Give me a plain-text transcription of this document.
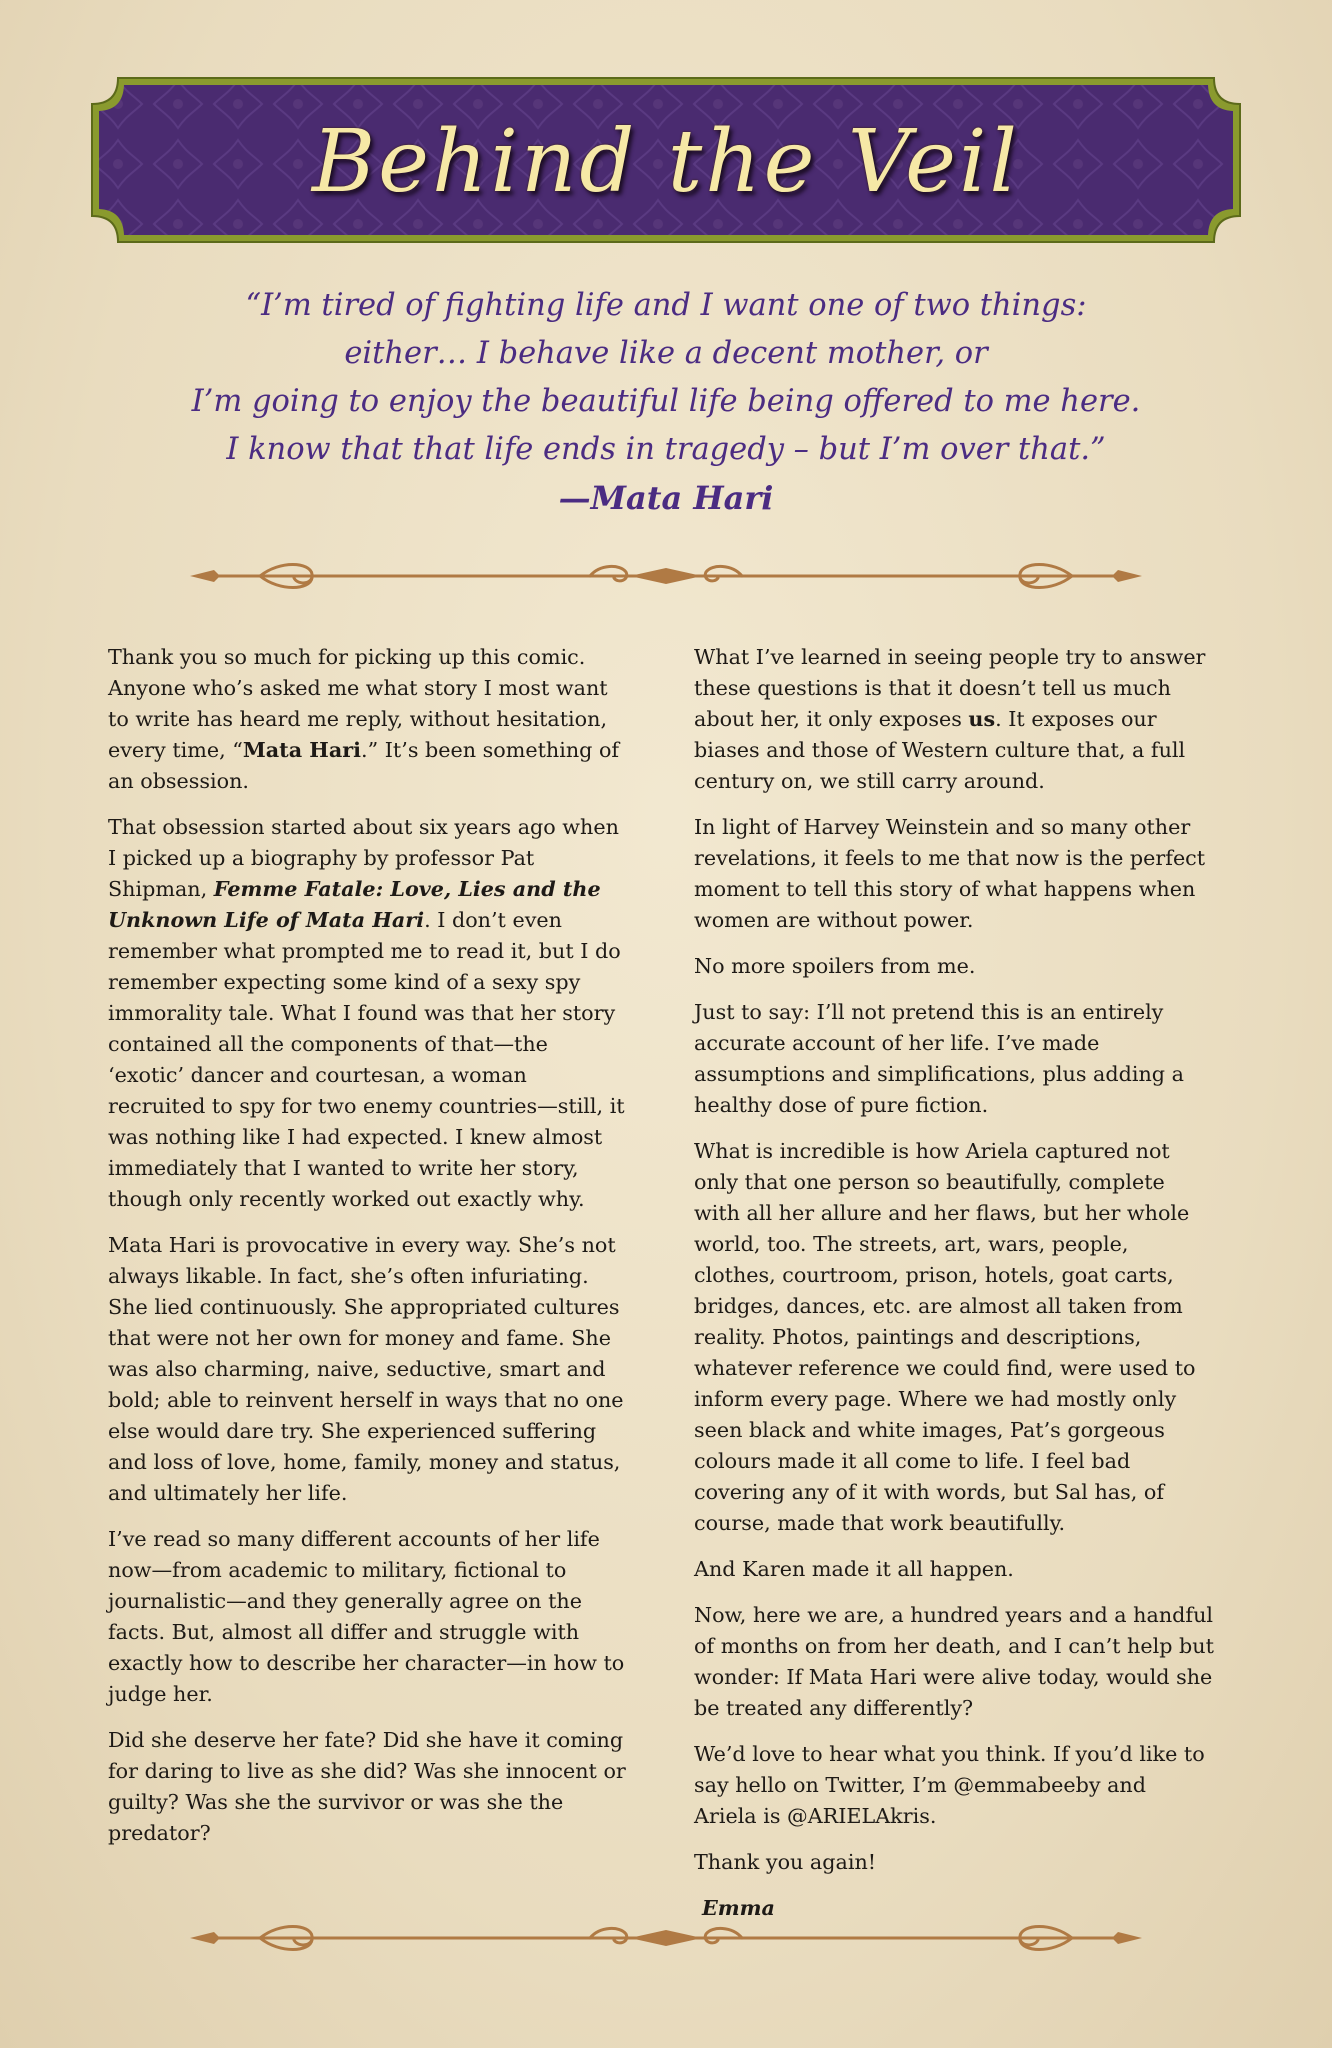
Behind the Veil
“I’m tired of fighting life and I want one of two things:
either… I behave like a decent mother, or
I’m going to enjoy the beautiful life being offered to me here.
I know that that life ends in tragedy – but I’m over that.”
—Mata Hari

Thank you so much for picking up this comic. Anyone who’s asked me what story I most want to write has heard me reply, without hesitation, every time, “Mata Hari.” It’s been something of an obsession.

That obsession started about six years ago when I picked up a biography by professor Pat Shipman, Femme Fatale: Love, Lies and the Unknown Life of Mata Hari. I don’t even remember what prompted me to read it, but I do remember expecting some kind of a sexy spy immorality tale. What I found was that her story contained all the components of that—the ‘exotic’ dancer and courtesan, a woman recruited to spy for two enemy countries—still, it was nothing like I had expected. I knew almost immediately that I wanted to write her story, though only recently worked out exactly why.

Mata Hari is provocative in every way. She’s not always likable. In fact, she’s often infuriating. She lied continuously. She appropriated cultures that were not her own for money and fame. She was also charming, naive, seductive, smart and bold; able to reinvent herself in ways that no one else would dare try. She experienced suffering and loss of love, home, family, money and status, and ultimately her life.

I’ve read so many different accounts of her life now—from academic to military, fictional to journalistic—and they generally agree on the facts. But, almost all differ and struggle with exactly how to describe her character—in how to judge her.

Did she deserve her fate? Did she have it coming for daring to live as she did? Was she innocent or guilty? Was she the survivor or was she the predator?

What I’ve learned in seeing people try to answer these questions is that it doesn’t tell us much about her, it only exposes us. It exposes our biases and those of Western culture that, a full century on, we still carry around.

In light of Harvey Weinstein and so many other revelations, it feels to me that now is the perfect moment to tell this story of what happens when women are without power.

No more spoilers from me.

Just to say: I’ll not pretend this is an entirely accurate account of her life. I’ve made assumptions and simplifications, plus adding a healthy dose of pure fiction.

What is incredible is how Ariela captured not only that one person so beautifully, complete with all her allure and her flaws, but her whole world, too. The streets, art, wars, people, clothes, courtroom, prison, hotels, goat carts, bridges, dances, etc. are almost all taken from reality. Photos, paintings and descriptions, whatever reference we could find, were used to inform every page. Where we had mostly only seen black and white images, Pat’s gorgeous colours made it all come to life. I feel bad covering any of it with words, but Sal has, of course, made that work beautifully.

And Karen made it all happen.

Now, here we are, a hundred years and a handful of months on from her death, and I can’t help but wonder: If Mata Hari were alive today, would she be treated any differently?

We’d love to hear what you think. If you’d like to say hello on Twitter, I’m @emmabeeby and Ariela is @ARIELAkris.

Thank you again!

Emma
